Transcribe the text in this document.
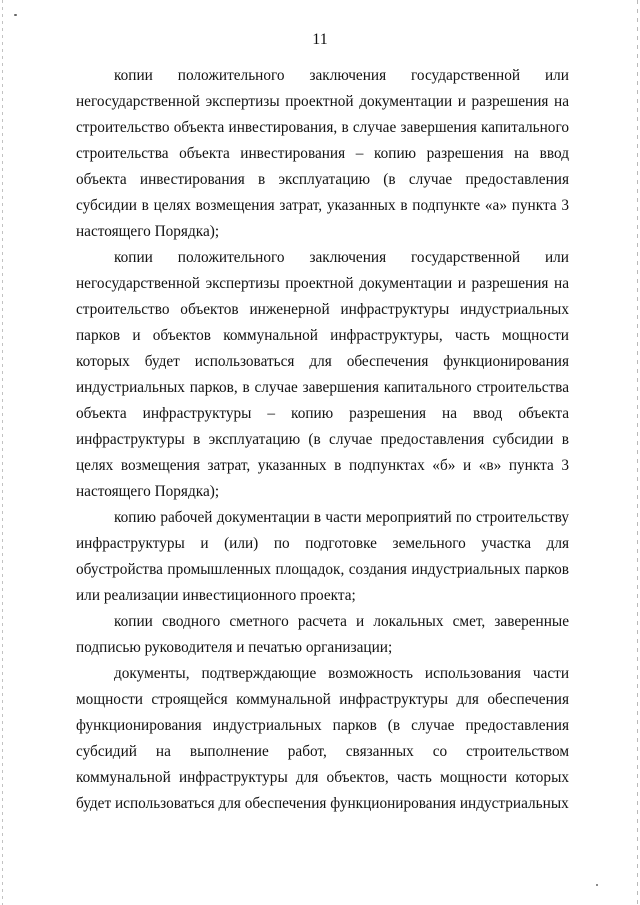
11

копии положительного заключения государственной или негосударственной экспертизы проектной документации и разрешения на строительство объекта инвестирования, в случае завершения капитального строительства объекта инвестирования – копию разрешения на ввод объекта инвестирования в эксплуатацию (в случае предоставления субсидии в целях возмещения затрат, указанных в подпункте «а» пункта 3 настоящего Порядка);

копии положительного заключения государственной или негосударственной экспертизы проектной документации и разрешения на строительство объектов инженерной инфраструктуры индустриальных парков и объектов коммунальной инфраструктуры, часть мощности которых будет использоваться для обеспечения функционирования индустриальных парков, в случае завершения капитального строительства объекта инфраструктуры – копию разрешения на ввод объекта инфраструктуры в эксплуатацию (в случае предоставления субсидии в целях возмещения затрат, указанных в подпунктах «б» и «в» пункта 3 настоящего Порядка);

копию рабочей документации в части мероприятий по строительству инфраструктуры и (или) по подготовке земельного участка для обустройства промышленных площадок, создания индустриальных парков или реализации инвестиционного проекта;

копии сводного сметного расчета и локальных смет, заверенные подписью руководителя и печатью организации;

документы, подтверждающие возможность использования части мощности строящейся коммунальной инфраструктуры для обеспечения функционирования индустриальных парков (в случае предоставления субсидий на выполнение работ, связанных со строительством коммунальной инфраструктуры для объектов, часть мощности которых будет использоваться для обеспечения функционирования индустриальных
